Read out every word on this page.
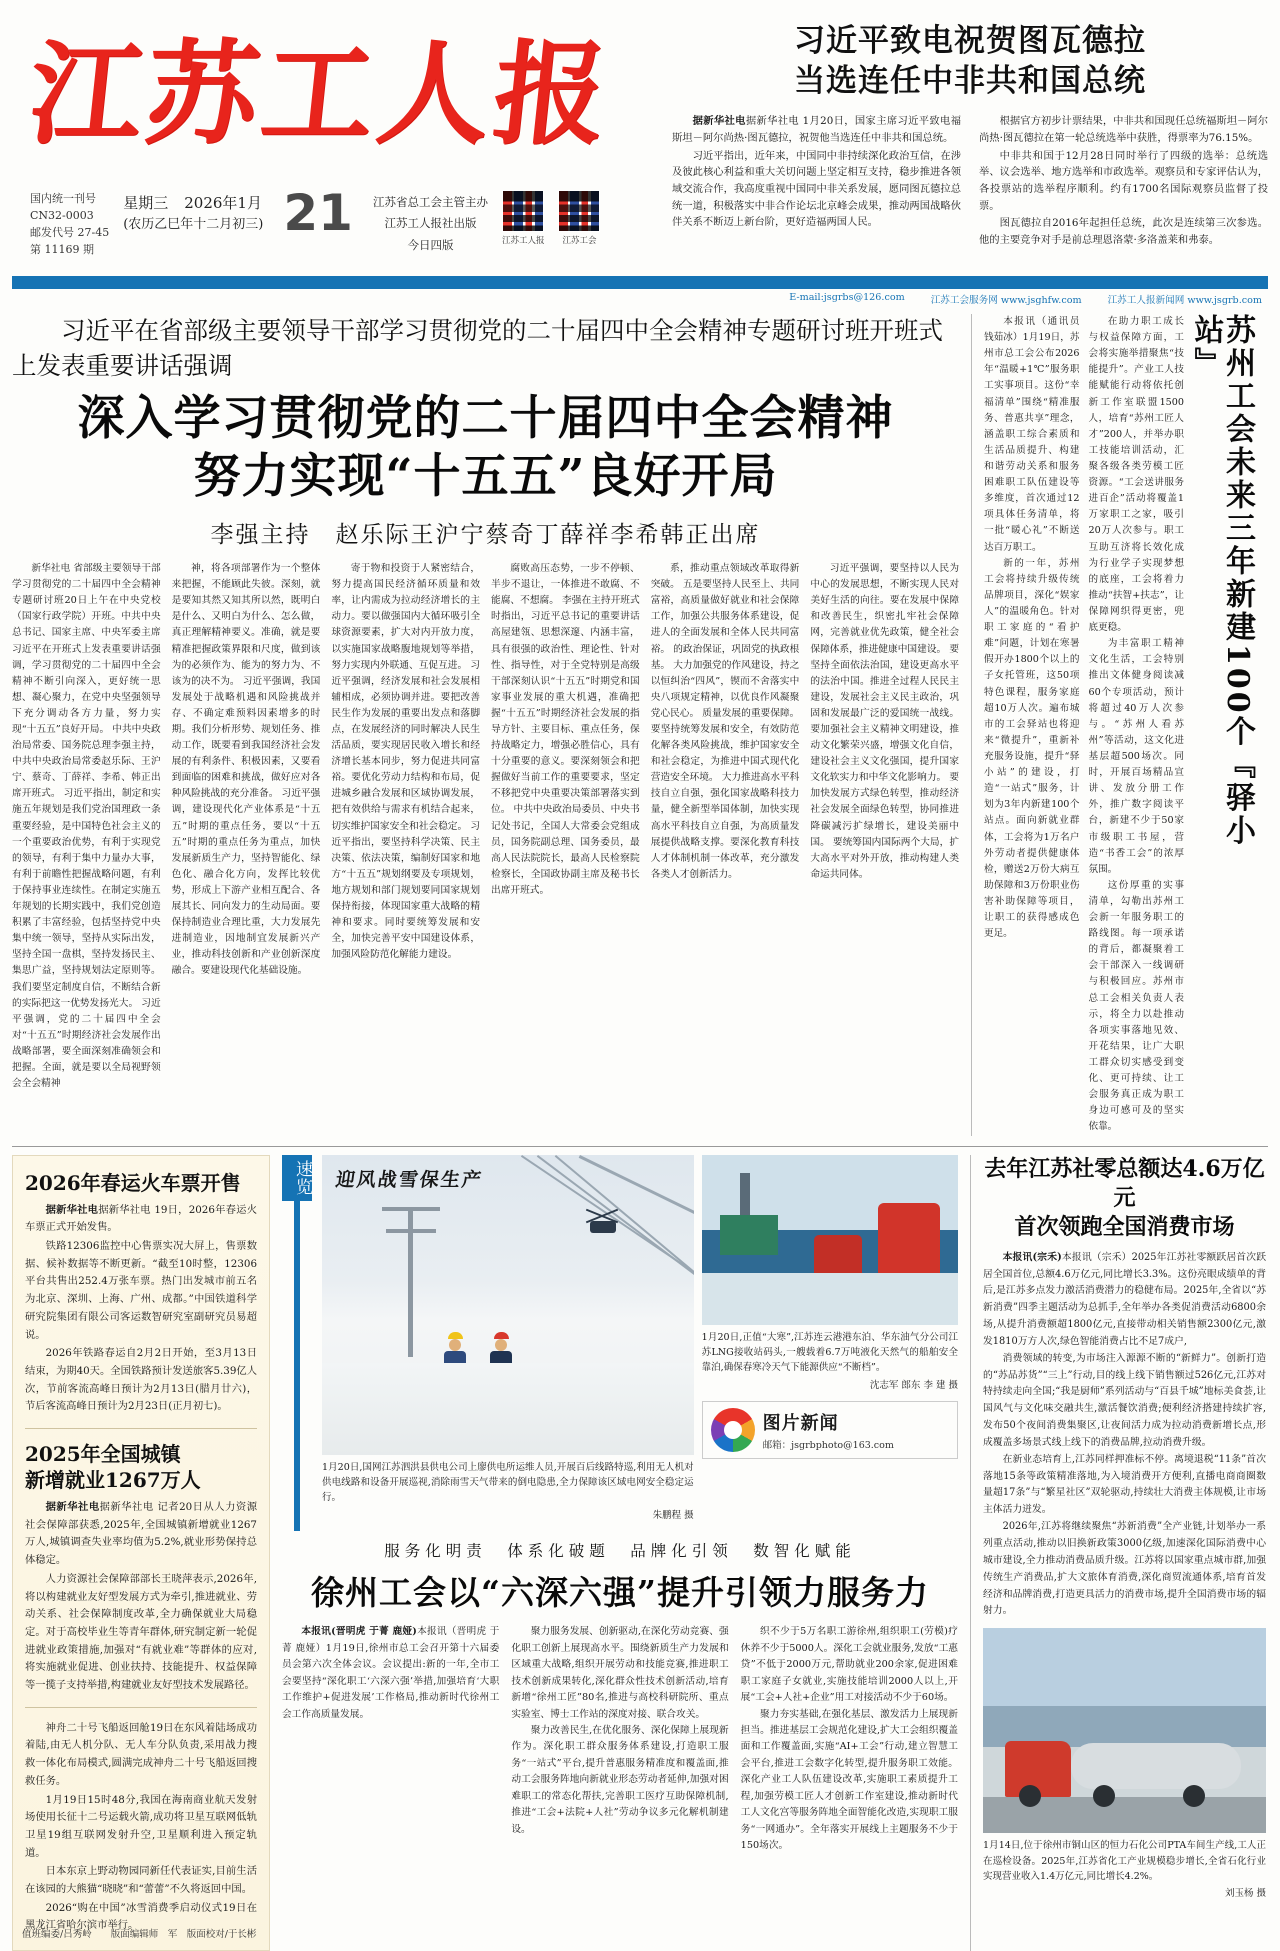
江苏工人报
国内统一刊号
CN32-0003
邮发代号 27-45
第 11169 期
星期三 2026年1月
(农历乙巳年十二月初三) 21	江苏省总工会主管主办
江苏工人报社出版
今日四版	江苏工人报 江苏工会
习近平致电祝贺图瓦德拉
当选连任中非共和国总统

据新华社电据新华社电 1月20日，国家主席习近平致电福斯坦－阿尔尚热·图瓦德拉，祝贺他当选连任中非共和国总统。

习近平指出，近年来，中国同中非持续深化政治互信，在涉及彼此核心利益和重大关切问题上坚定相互支持，稳步推进各领域交流合作，我高度重视中国同中非关系发展，愿同图瓦德拉总统一道，积极落实中非合作论坛北京峰会成果，推动两国战略伙伴关系不断迈上新台阶，更好造福两国人民。

根据官方初步计票结果，中非共和国现任总统福斯坦－阿尔尚热·图瓦德拉在第一轮总统选举中获胜，得票率为76.15%。

中非共和国于12月28日同时举行了四级的选举：总统选举、议会选举、地方选举和市政选举。观察员和专家评估认为，各投票站的选举程序顺利。约有1700名国际观察员监督了投票。

图瓦德拉自2016年起担任总统，此次是连续第三次参选。他的主要竞争对手是前总理恩洛蒙·多洛盖莱和弗泰。

E-mail:jsgrbs@126.com	江苏工会服务网 www.jsghfw.com	江苏工人报新闻网 www.jsgrb.com
习近平在省部级主要领导干部学习贯彻党的二十届四中全会精神专题研讨班开班式上发表重要讲话强调
深入学习贯彻党的二十届四中全会精神
努力实现“十五五”良好开局
李强主持　赵乐际王沪宁蔡奇丁薛祥李希韩正出席

新华社电 省部级主要领导干部学习贯彻党的二十届四中全会精神专题研讨班20日上午在中央党校（国家行政学院）开班。中共中央总书记、国家主席、中央军委主席习近平在开班式上发表重要讲话强调，学习贯彻党的二十届四中全会精神不断引向深入，更好统一思想、凝心聚力，在党中央坚强领导下充分调动各方力量，努力实现“十五五”良好开局。 中共中央政治局常委、国务院总理李强主持，中共中央政治局常委赵乐际、王沪宁、蔡奇、丁薛祥、李希、韩正出席开班式。 习近平指出，制定和实施五年规划是我们党治国理政一条重要经验，是中国特色社会主义的一个重要政治优势，有利于实现党的领导，有利于集中力量办大事，有利于前瞻性把握战略问题，有利于保持事业连续性。在制定实施五年规划的长期实践中，我们党创造积累了丰富经验，包括坚持党中央集中统一领导，坚持从实际出发，坚持全国一盘棋，坚持发扬民主、集思广益，坚持规划法定原则等。我们要坚定制度自信，不断结合新的实际把这一优势发扬光大。 习近平强调，党的二十届四中全会对“十五五”时期经济社会发展作出战略部署，要全面深刻准确领会和把握。全面，就是要以全局视野领会全会精神

神，将各项部署作为一个整体来把握，不能顾此失彼。深刻，就是要知其然又知其所以然，既明白是什么、又明白为什么、怎么做，真正理解精神要义。准确，就是要精准把握政策界限和尺度，做到该为的必须作为、能为的努力为、不该为的决不为。 习近平强调，我国发展处于战略机遇和风险挑战并存、不确定难预料因素增多的时期。我们分析形势、规划任务、推动工作，既要看到我国经济社会发展的有利条件、积极因素，又要看到面临的困难和挑战，做好应对各种风险挑战的充分准备。 习近平强调，建设现代化产业体系是“十五五”时期的重点任务，要以“十五五”时期的重点任务为重点，加快发展新质生产力，坚持智能化、绿色化、融合化方向，发挥比较优势，形成上下游产业相互配合、各展其长、同向发力的生动局面。要保持制造业合理比重，大力发展先进制造业，因地制宜发展新兴产业，推动科技创新和产业创新深度融合。要建设现代化基础设施。

寄于物和投资于人紧密结合，努力提高国民经济循环质量和效率，让内需成为拉动经济增长的主动力。要以做强国内大循环吸引全球资源要素，扩大对内开放力度，以实施国家战略腹地规划等举措，努力实现内外联通、互促互进。 习近平强调，经济发展和社会发展相辅相成，必须协调并进。要把改善民生作为发展的重要出发点和落脚点，在发展经济的同时解决人民生活品质，要实现居民收入增长和经济增长基本同步，努力促进共同富裕。要优化劳动力结构和布局，促进城乡融合发展和区域协调发展，把有效供给与需求有机结合起来，切实维护国家安全和社会稳定。 习近平指出，要坚持科学决策、民主决策、依法决策，编制好国家和地方“十五五”规划纲要及专项规划，地方规划和部门规划要同国家规划保持衔接，体现国家重大战略的精神和要求。同时要统筹发展和安全，加快完善平安中国建设体系，加强风险防范化解能力建设。

腐败高压态势，一步不停顿、半步不退让，一体推进不敢腐、不能腐、不想腐。 李强在主持开班式时指出，习近平总书记的重要讲话高屋建瓴、思想深邃、内涵丰富，具有很强的政治性、理论性、针对性、指导性，对于全党特别是高级干部深刻认识“十五五”时期党和国家事业发展的重大机遇，准确把握“十五五”时期经济社会发展的指导方针、主要目标、重点任务，保持战略定力，增强必胜信心，具有十分重要的意义。要深刻领会和把握做好当前工作的重要要求，坚定不移把党中央重要决策部署落实到位。 中共中央政治局委员、中央书记处书记，全国人大常委会党组成员，国务院副总理、国务委员，最高人民法院院长，最高人民检察院检察长，全国政协副主席及秘书长出席开班式。

系，推动重点领域改革取得新突破。 五是要坚持人民至上、共同富裕，高质量做好就业和社会保障工作，加强公共服务体系建设，促进人的全面发展和全体人民共同富裕。 的政治保证，巩固党的执政根基。 大力加强党的作风建设，持之以恒纠治“四风”，锲而不舍落实中央八项规定精神，以优良作风凝聚党心民心。 质量发展的重要保障。要坚持统筹发展和安全，有效防范化解各类风险挑战，维护国家安全和社会稳定，为推进中国式现代化营造安全环境。 大力推进高水平科技自立自强，强化国家战略科技力量，健全新型举国体制，加快实现高水平科技自立自强，为高质量发展提供战略支撑。要深化教育科技人才体制机制一体改革，充分激发各类人才创新活力。

习近平强调，要坚持以人民为中心的发展思想，不断实现人民对美好生活的向往。要在发展中保障和改善民生，织密扎牢社会保障网，完善就业优先政策，健全社会保障体系，推进健康中国建设。 要坚持全面依法治国，建设更高水平的法治中国。推进全过程人民民主建设，发展社会主义民主政治，巩固和发展最广泛的爱国统一战线。 要加强社会主义精神文明建设，推动文化繁荣兴盛，增强文化自信，建设社会主义文化强国，提升国家文化软实力和中华文化影响力。 要加快发展方式绿色转型，推动经济社会发展全面绿色转型，协同推进降碳减污扩绿增长，建设美丽中国。 要统筹国内国际两个大局，扩大高水平对外开放，推动构建人类命运共同体。

本报讯（通讯员 钱茹冰）1月19日，苏州市总工会公布2026年“温暖+1℃”服务职工实事项目。这份“幸福清单”围绕“精准服务、普惠共享”理念，涵盖职工综合素质和生活品质提升、构建和谐劳动关系和服务困难职工队伍建设等多维度，首次通过12项具体任务清单，将一批“暖心礼”不断送达百万职工。

新的一年，苏州工会将持续升级传统品牌项目，深化“娱家人”的温暖角色。针对职工家庭的“看护难”问题，计划在寒暑假开办1800个以上的子女托管班，这50项特色课程，服务家庭超10万人次。遍布城市的工会驿站也将迎来“微提升”，重新补充服务设施，提升“驿小站”的建设，打造“一站式”服务，计划为3年内新建100个站点。面向新就业群体，工会将为1万名户外劳动者提供健康体检，赠送2万份大病互助保障和3万份职业伤害补助保障等项目，让职工的获得感成色更足。

在助力职工成长与权益保障方面，工会将实施举措聚焦“技能提升”。产业工人技能赋能行动将依托创新工作室联盟1500人，培育“苏州工匠人才”200人，并举办职工技能培训活动，汇聚各级各类劳模工匠资源。“工会送讲服务进百企”活动将覆盖1万家职工之家，吸引20万人次参与。职工互助互济将长效化成为行业学子实现梦想的底座，工会将着力推动“扶智+扶志”，让保障网织得更密，兜底更稳。

为丰富职工精神文化生活，工会特别推出文体健身阅读减60个专项活动，预计将超过40万人次参与。“苏州人看苏州”等活动，这文化进基层超500场次。同时，开展百场精品宣讲、发放分册工作外，推广数字阅读平台，新建不少于50家市级职工书屋，营造“书香工会”的浓厚氛围。

这份厚重的实事清单，勾勒出苏州工会新一年服务职工的路线图。每一项承诺的背后，都凝聚着工会干部深入一线调研与积极回应。苏州市总工会相关负责人表示，将全力以赴推动各项实事落地见效、开花结果，让广大职工群众切实感受到变化、更可持续、让工会服务真正成为职工身边可感可及的坚实依靠。

苏州工会未来三年新建100个『驿小站』
2026年春运火车票开售

据新华社电据新华社电 19日，2026年春运火车票正式开始发售。

铁路12306监控中心售票实况大屏上，售票数据、候补数据等不断更新。“截至10时整，12306平台共售出252.4万张车票。热门出发城市前五名为北京、深圳、上海、广州、成都。”中国铁道科学研究院集团有限公司客运数智研究室副研究员易超说。

2026年铁路春运自2月2日开始，至3月13日结束，为期40天。全国铁路预计发送旅客5.39亿人次，节前客流高峰日预计为2月13日(腊月廿六)，节后客流高峰日预计为2月23日(正月初七)。

2025年全国城镇
新增就业1267万人

据新华社电据新华社电 记者20日从人力资源社会保障部获悉,2025年,全国城镇新增就业1267万人,城镇调查失业率均值为5.2%,就业形势保持总体稳定。

人力资源社会保障部部长王晓萍表示,2026年,将以构建就业友好型发展方式为牵引,推进就业、劳动关系、社会保障制度改革,全力确保就业大局稳定。对于高校毕业生等青年群体,研究制定新一轮促进就业政策措施,加强对“有就业难”等群体的应对,将实施就业促进、创业扶持、技能提升、权益保障等一揽子支持举措,构建就业友好型技术发展路径。

神舟二十号飞船返回舱19日在东风着陆场成功着陆,由无人机分队、无人车分队负责,采用战力搜救一体化布局模式,圆满完成神舟二十号飞船返回搜救任务。

1月19日15时48分,我国在海南商业航天发射场使用长征十二号运载火箭,成功将卫星互联网低轨卫星19组互联网发射升空,卫星顺利进入预定轨道。

日本东京上野动物园同新任代表证实,目前生活在该园的大熊猫“晓晓”和“蕾蕾”不久将返回中国。

2026“购在中国”冰雪消费季启动仪式19日在黑龙江省哈尔滨市举行。

速览 迎风战雪保生产
1月20日,国网江苏泗洪县供电公司上廖供电所运维人员,开展百后线路特巡,利用无人机对供电线路和设备开展巡视,消除雨雪天气带来的倒电隐患,全力保障该区域电网安全稳定运行。
朱鹏程 摄
1月20日,正值“大寒”,江苏连云港港东泊、华东油气分公司江苏LNG接收站码头,一艘载着6.7万吨液化天然气的船舶安全靠泊,确保春寒冷天气下能源供应“不断档”。
沈志军 郎东 李 建 摄
图片新闻
邮箱：jsgrbphoto@163.com
服务化明责　体系化破题　品牌化引领　数智化赋能
徐州工会以“六深六强”提升引领力服务力

本报讯(晋明虎 于菁 鹿娅)本报讯（晋明虎 于菁 鹿娅）1月19日,徐州市总工会召开第十六届委员会第六次全体会议。会议提出:新的一年,全市工会要坚持“深化职工‘六深六强’举措,加强培育‘大职工作维护+促进发展’工作格局,推动新时代徐州工会工作高质量发展。

聚力服务发展、创新驱动,在深化劳动竞赛、强化职工创新上展现高水平。围绕新质生产力发展和区域重大战略,组织开展劳动和技能竞赛,推进职工技术创新成果转化,深化群众性技术创新活动,培育新增“徐州工匠”80名,推进与高校科研院所、重点实验室、博士工作站的深度对接、联合攻关。

聚力改善民生,在优化服务、深化保障上展现新作为。深化职工群众服务体系建设,打造职工服务“一站式”平台,提升普惠服务精准度和覆盖面,推动工会服务阵地向新就业形态劳动者延伸,加强对困难职工的常态化帮扶,完善职工医疗互助保障机制,推进“工会+法院+人社”劳动争议多元化解机制建设。

织不少于5万名职工游徐州,组织职工(劳模)疗休养不少于5000人。深化工会就业服务,发放“工惠贷”不低于2000万元,帮助就业200余家,促进困难职工家庭子女就业,实施技能培训2000人以上,开展“工会+人社+企业”用工对接活动不少于60场。

聚力夯实基础,在强化基层、激发活力上展现新担当。推进基层工会规范化建设,扩大工会组织覆盖面和工作覆盖面,实施“AI+工会”行动,建立智慧工会平台,推进工会数字化转型,提升服务职工效能。深化产业工人队伍建设改革,实施职工素质提升工程,加强劳模工匠人才创新工作室建设,推动新时代工人文化宫等服务阵地全面智能化改造,实现职工服务“一网通办”。全年落实开展线上主题服务不少于150场次。

去年江苏社零总额达4.6万亿元
首次领跑全国消费市场

本报讯(宗禾)本报讯（宗禾）2025年江苏社零额跃居首次跃居全国首位,总额4.6万亿元,同比增长3.3%。这份亮眼成绩单的背后,是江苏多点发力激活消费潜力的稳健布局。2025年,全省以“苏新消费”四季主题活动为总抓手,全年举办各类促消费活动6800余场,从提升消费额超1800亿元,直接带动相关销售额2300亿元,激发1810万方人次,绿色智能消费占比不足7成户,

消费领域的转变,为市场注入源源不断的“新鲜力”。创新打造的“苏品苏货”“三上”行动,目的线上线下销售额过526亿元,江苏对特持续走向全国;“我是厨师”系列活动与“百县千城”地标美食荟,让国风气与文化味交融共生,激活餐饮消费;便利经济搭建持续扩容,发布50个夜间消费集聚区,让夜间活力成为拉动消费新增长点,形成覆盖多场景式线上线下的消费品牌,拉动消费升级。

在新业态培育上,江苏同样押准标不停。离境退税“11条”首次落地15条等政策精准落地,为入境消费开方便利,直播电商商圈数量超17条”与“繁星社区”双轮驱动,持续壮大消费主体规模,让市场主体活力迸发。

2026年,江苏将继续聚焦“苏新消费”全产业链,计划举办一系列重点活动,推动以旧换新政策3000亿级,加速深化国际消费中心城市建设,全力推动消费品质升级。江苏将以国家重点城市群,加强传统生产消费品,扩大文旅体育消费,深化商贸流通体系,培育首发经济和品牌消费,打造更具活力的消费市场,提升全国消费市场的辐射力。

1月14日,位于徐州市铜山区的恒力石化公司PTA车间生产线,工人正在巡检设备。2025年,江苏省化工产业规模稳步增长,全省石化行业实现营业收入1.4万亿元,同比增长4.2%。
刘玉杨 摄
值班编委/吕秀岭　　版面编辑师　军　版面校对/于长彬
